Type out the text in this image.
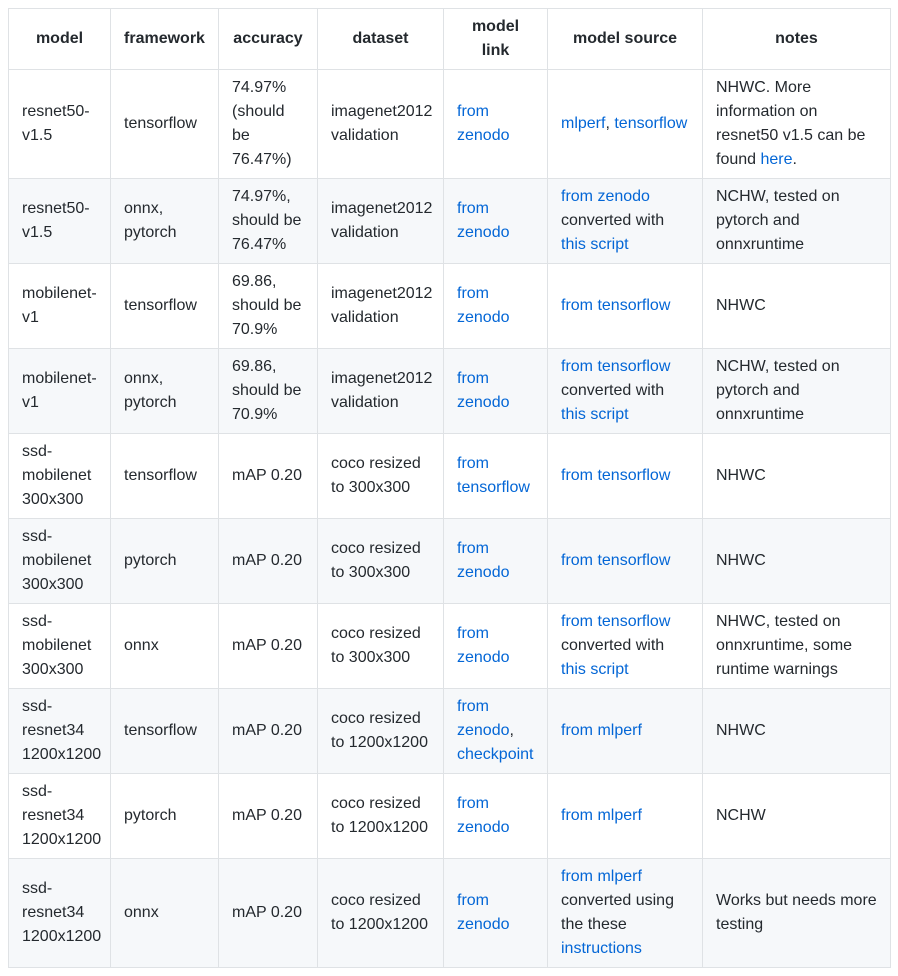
model	framework	accuracy	dataset	model link	model source	notes
resnet50-v1.5	tensorflow	74.97% (should be 76.47%)	imagenet2012 validation	from zenodo	mlperf, tensorflow	NHWC. More information on resnet50 v1.5 can be found here.
resnet50-v1.5	onnx, pytorch	74.97%, should be 76.47%	imagenet2012 validation	from zenodo	from zenodo converted with this script	NCHW, tested on pytorch and onnxruntime
mobilenet-v1	tensorflow	69.86, should be 70.9%	imagenet2012 validation	from zenodo	from tensorflow	NHWC
mobilenet-v1	onnx, pytorch	69.86, should be 70.9%	imagenet2012 validation	from zenodo	from tensorflow converted with this script	NCHW, tested on pytorch and onnxruntime
ssd-mobilenet 300x300	tensorflow	mAP 0.20	coco resized to 300x300	from tensorflow	from tensorflow	NHWC
ssd-mobilenet 300x300	pytorch	mAP 0.20	coco resized to 300x300	from zenodo	from tensorflow	NHWC
ssd-mobilenet 300x300	onnx	mAP 0.20	coco resized to 300x300	from zenodo	from tensorflow converted with this script	NHWC, tested on onnxruntime, some runtime warnings
ssd-resnet34 1200x1200	tensorflow	mAP 0.20	coco resized to 1200x1200	from zenodo, checkpoint	from mlperf	NHWC
ssd-resnet34 1200x1200	pytorch	mAP 0.20	coco resized to 1200x1200	from zenodo	from mlperf	NCHW
ssd-resnet34 1200x1200	onnx	mAP 0.20	coco resized to 1200x1200	from zenodo	from mlperf converted using the these instructions	Works but needs more testing
